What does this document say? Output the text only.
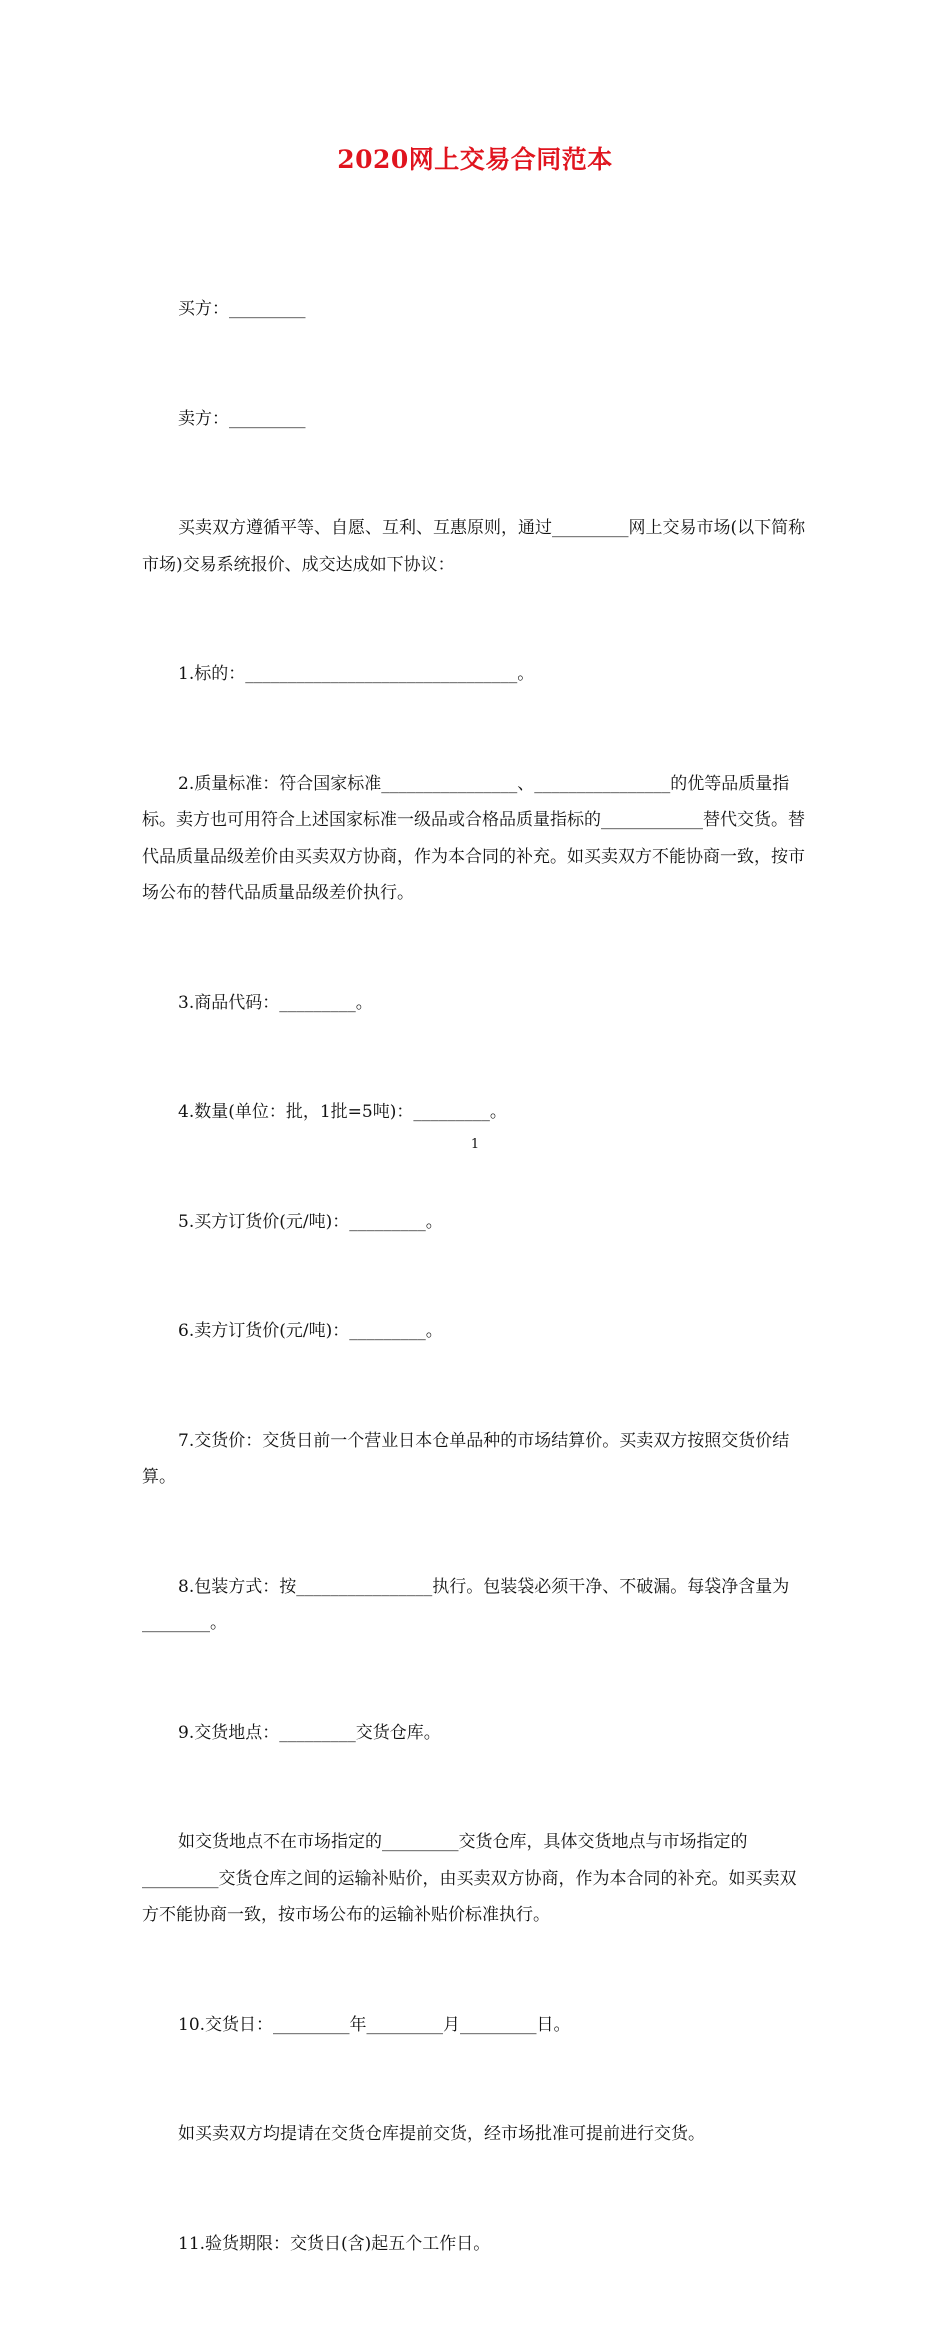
2020网上交易合同范本

买方：_________

卖方：_________

买卖双方遵循平等、自愿、互利、互惠原则，通过_________网上交易市场(以下简称市场)交易系统报价、成交达成如下协议：

1.标的：________________________________。

2.质量标准：符合国家标准________________、________________的优等品质量指标。卖方也可用符合上述国家标准一级品或合格品质量指标的____________替代交货。替代品质量品级差价由买卖双方协商，作为本合同的补充。如买卖双方不能协商一致，按市场公布的替代品质量品级差价执行。

3.商品代码：_________。

4.数量(单位：批，1批=5吨)：_________。

5.买方订货价(元/吨)：_________。

6.卖方订货价(元/吨)：_________。

7.交货价：交货日前一个营业日本仓单品种的市场结算价。买卖双方按照交货价结算。

8.包装方式：按________________执行。包装袋必须干净、不破漏。每袋净含量为________。

9.交货地点：_________交货仓库。

如交货地点不在市场指定的_________交货仓库，具体交货地点与市场指定的_________交货仓库之间的运输补贴价，由买卖双方协商，作为本合同的补充。如买卖双方不能协商一致，按市场公布的运输补贴价标准执行。

10.交货日：_________年_________月_________日。

如买卖双方均提请在交货仓库提前交货，经市场批准可提前进行交货。

11.验货期限：交货日(含)起五个工作日。

1
